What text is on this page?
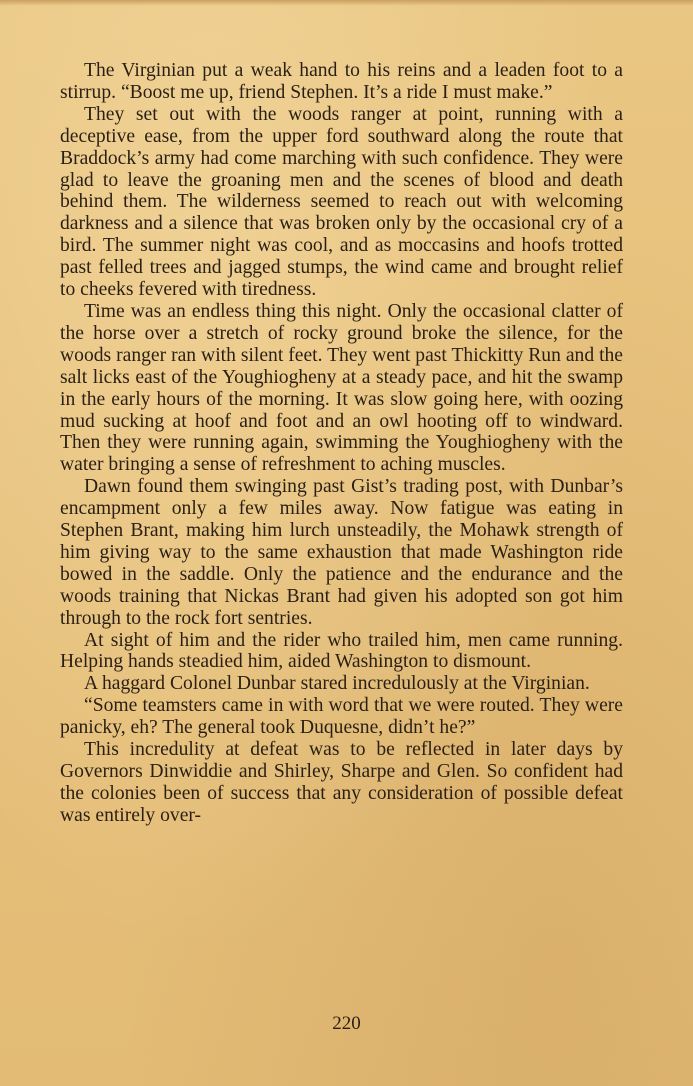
The Virginian put a weak hand to his reins and a leaden foot to a stirrup. “Boost me up, friend Stephen. It’s a ride I must make.”

They set out with the woods ranger at point, running with a deceptive ease, from the upper ford southward along the route that Braddock’s army had come marching with such confidence. They were glad to leave the groaning men and the scenes of blood and death behind them. The wilderness seemed to reach out with welcoming darkness and a silence that was broken only by the occasional cry of a bird. The summer night was cool, and as moccasins and hoofs trotted past felled trees and jagged stumps, the wind came and brought relief to cheeks fevered with tiredness.

Time was an endless thing this night. Only the occasional clatter of the horse over a stretch of rocky ground broke the silence, for the woods ranger ran with silent feet. They went past Thickitty Run and the salt licks east of the Youghiogheny at a steady pace, and hit the swamp in the early hours of the morning. It was slow going here, with oozing mud sucking at hoof and foot and an owl hooting off to windward. Then they were running again, swimming the Youghiogheny with the water bringing a sense of refreshment to aching muscles.

Dawn found them swinging past Gist’s trading post, with Dunbar’s encampment only a few miles away. Now fatigue was eating in Stephen Brant, making him lurch unsteadily, the Mohawk strength of him giving way to the same exhaustion that made Washington ride bowed in the saddle. Only the patience and the endurance and the woods training that Nickas Brant had given his adopted son got him through to the rock fort sentries.

At sight of him and the rider who trailed him, men came running. Helping hands steadied him, aided Washington to dismount.

A haggard Colonel Dunbar stared incredulously at the Virginian.

“Some teamsters came in with word that we were routed. They were panicky, eh? The general took Duquesne, didn’t he?”

This incredulity at defeat was to be reflected in later days by Governors Dinwiddie and Shirley, Sharpe and Glen. So confident had the colonies been of success that any consideration of possible defeat was entirely over-

220
